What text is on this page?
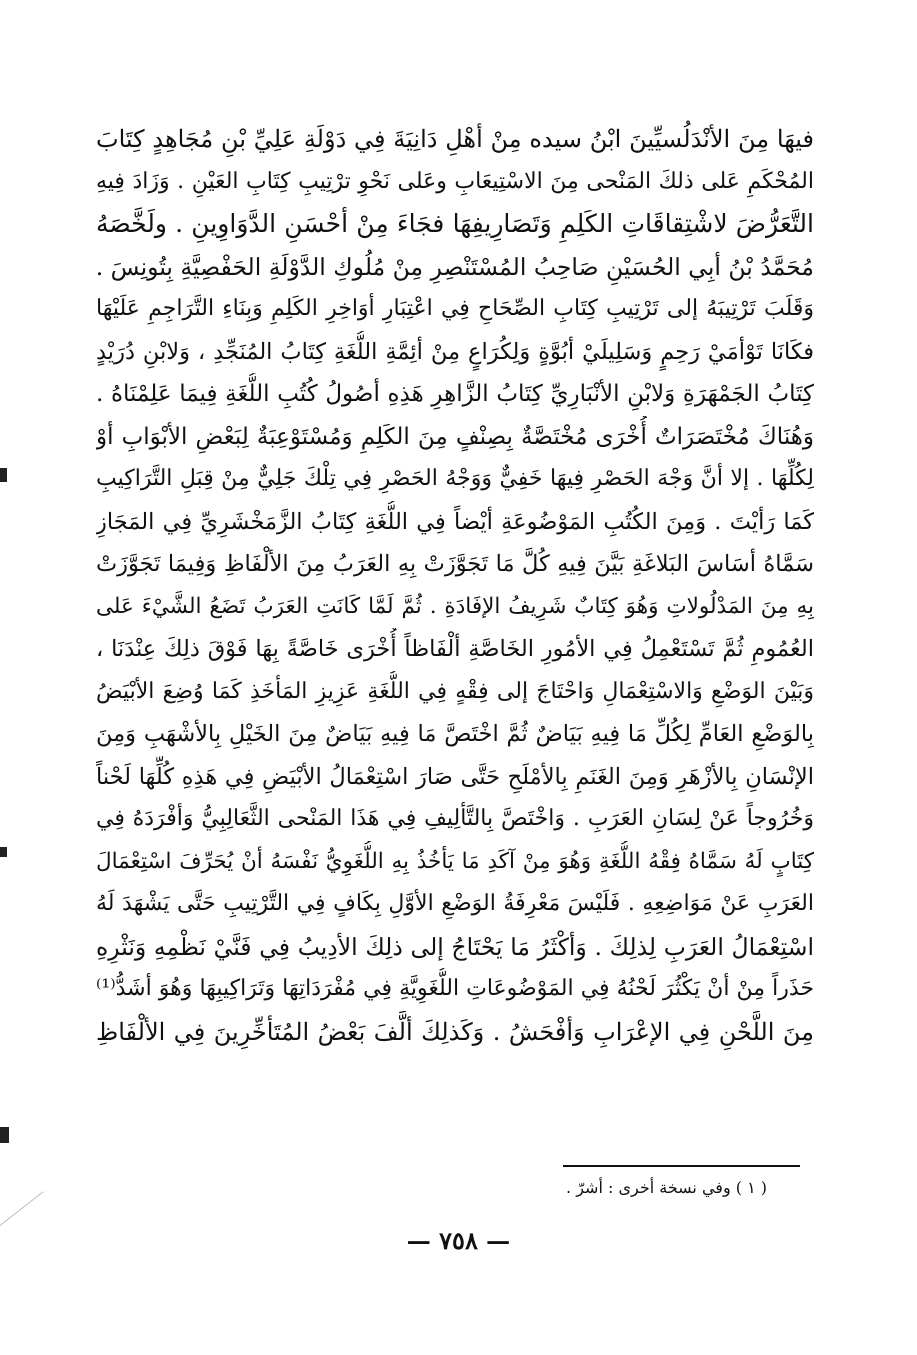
فيهَا مِنَ الأنْدَلُسيِّينَ ابْنُ سيده مِنْ أهْلِ دَانِيَةَ فِي دَوْلَةِ عَلِيِّ بْنِ مُجَاهِدٍ كِتَابَ
المُحْكَمِ عَلى ذلكَ المَنْحى مِنَ الاسْتِيعَابِ وعَلى نَحْوِ ترْتِيبِ كِتَابِ العَيْنِ . وَزَادَ فِيهِ
التَّعَرُّضَ لاشْتِقاقَاتِ الكَلِمِ وَتَصَارِيفِهَا فجَاءَ مِنْ أحْسَنِ الدَّوَاوِينِ . ولَخَّصَهُ
مُحَمَّدُ بْنُ أبِي الحُسَيْنِ صَاحِبُ المُسْتَنْصِرِ مِنْ مُلُوكِ الدَّوْلَةِ الحَفْصِيَّةِ بِتُونِسَ .
وَقَلَبَ تَرْتِيبَهُ إلى تَرْتِيبِ كِتَابِ الصِّحَاحِ فِي اعْتِبَارِ أوَاخِرِ الكَلِمِ وَبِنَاءِ التَّرَاجِمِ عَلَيْهَا
فكَانَا تَوْأمَيْ رَحِمٍ وَسَلِيلَيْ أبُوَّةٍ وَلِكُرَاعٍ مِنْ أئِمَّةِ اللُّغَةِ كِتَابُ المُنَجِّدِ ، وَلابْنِ دُرَيْدٍ
كِتَابُ الجَمْهَرَةِ وَلابْنِ الأنْبَارِيِّ كِتَابُ الزَّاهِرِ هَذِهِ أصُولُ كُتُبِ اللُّغَةِ فِيمَا عَلِمْنَاهُ .
وَهُنَاكَ مُخْتَصَرَاتٌ أُخْرَى مُخْتَصَّةٌ بِصِنْفٍ مِنَ الكَلِمِ وَمُسْتَوْعِبَةٌ لِبَعْضِ الأبْوَابِ أوْ
لِكُلِّهَا . إلا أنَّ وَجْهَ الحَصْرِ فِيهَا خَفِيٌّ وَوَجْهُ الحَصْرِ فِي تِلْكَ جَلِيٌّ مِنْ قِبَلِ التَّرَاكِيبِ
كَمَا رَأيْتَ . وَمِنَ الكُتُبِ المَوْضُوعَةِ أيْضاً فِي اللُّغَةِ كِتَابُ الزَّمَخْشَرِيِّ فِي المَجَازِ
سَمَّاهُ أسَاسَ البَلاغَةِ بَيَّنَ فِيهِ كُلَّ مَا تَجَوَّزَتْ بِهِ العَرَبُ مِنَ الألْفَاظِ وَفِيمَا تَجَوَّزَتْ
بِهِ مِنَ المَدْلُولاتِ وَهُوَ كِتَابٌ شَرِيفُ الإفَادَةِ . ثُمَّ لَمَّا كَانَتِ العَرَبُ تَضَعُ الشَّيْءَ عَلى
العُمُومِ ثُمَّ تَسْتَعْمِلُ فِي الأمُورِ الخَاصَّةِ ألْفَاظاً أُخْرَى خَاصَّةً بِهَا فَوْقَ ذلِكَ عِنْدَنَا ،
وَبَيْنَ الوَضْعِ وَالاسْتِعْمَالِ وَاحْتَاجَ إلى فِقْهٍ فِي اللُّغَةِ عَزِيزِ المَأخَذِ كَمَا وُضِعَ الأبْيَضُ
بِالوَضْعِ العَامِّ لِكُلِّ مَا فِيهِ بَيَاضٌ ثُمَّ اخْتَصَّ مَا فِيهِ بَيَاضٌ مِنَ الخَيْلِ بِالأشْهَبِ وَمِنَ
الإنْسَانِ بِالأزْهَرِ وَمِنَ الغَنَمِ بِالأمْلَحِ حَتَّى صَارَ اسْتِعْمَالُ الأبْيَضِ فِي هَذِهِ كُلِّهَا لَحْناً
وَخُرُوجاً عَنْ لِسَانِ العَرَبِ . وَاخْتَصَّ بِالتَّألِيفِ فِي هَذَا المَنْحى الثَّعَالِبِيُّ وَأفْرَدَهُ فِي
كِتَابٍ لَهُ سَمَّاهُ فِقْهُ اللُّغَةِ وَهُوَ مِنْ آكَدِ مَا يَأخُذُ بِهِ اللُّغَوِيُّ نَفْسَهُ أنْ يُحَرِّفَ اسْتِعْمَالَ
العَرَبِ عَنْ مَوَاضِعِهِ . فَلَيْسَ مَعْرِفَةُ الوَضْعِ الأوَّلِ بِكَافٍ فِي التَّرْتِيبِ حَتَّى يَشْهَدَ لَهُ
اسْتِعْمَالُ العَرَبِ لِذلِكَ . وَأكْثَرُ مَا يَحْتَاجُ إلى ذلِكَ الأدِيبُ فِي فَنَّيْ نَظْمِهِ وَنَثْرِهِ
حَذَراً مِنْ أنْ يَكْثُرَ لَحْنُهُ فِي المَوْضُوعَاتِ اللُّغَوِيَّةِ فِي مُفْرَدَاتِهَا وَتَرَاكِيبِهَا وَهُوَ أشَدُّ⁽¹⁾
مِنَ اللَّحْنِ فِي الإعْرَابِ وَأفْحَشُ . وَكَذلِكَ ألَّفَ بَعْضُ المُتَأخِّرِينَ فِي الألْفَاظِ
( ١ ) وفي نسخة أخرى : أشرّ .
— ٧٥٨ —
